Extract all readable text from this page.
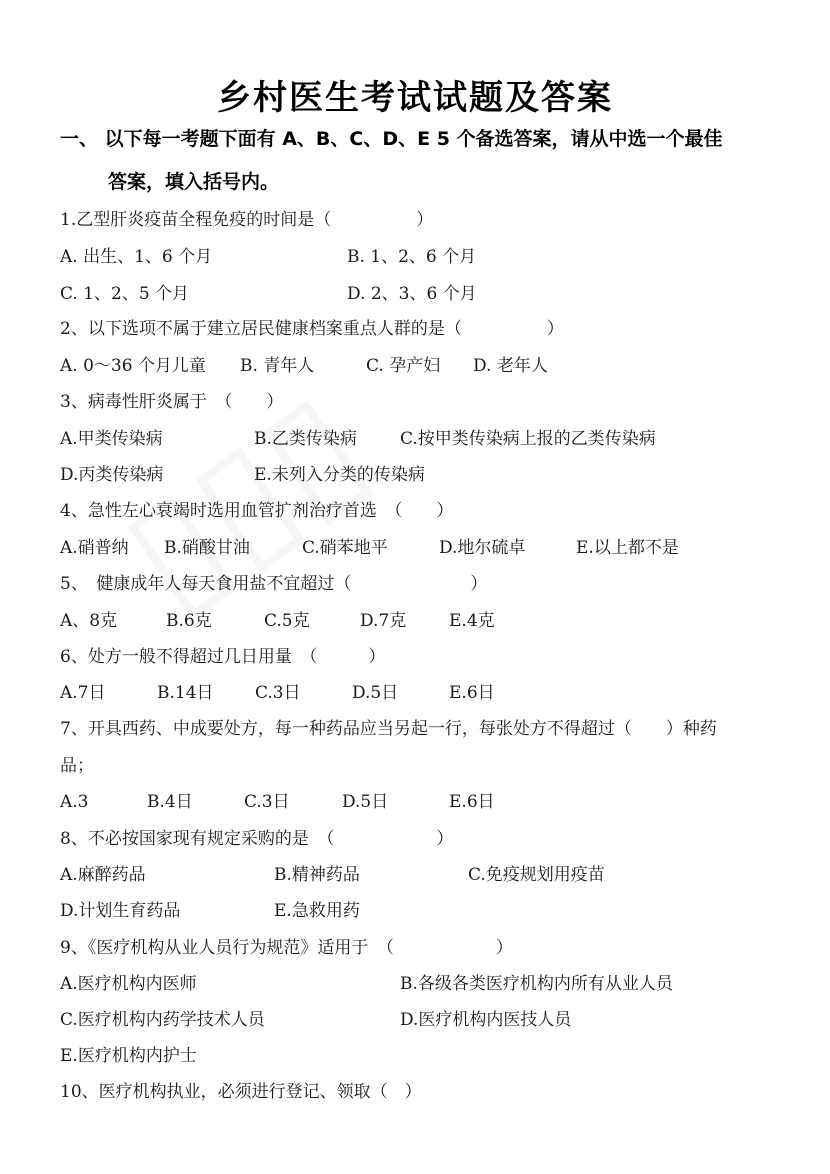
乡村医生考试试题及答案
一、 以下每一考题下面有 A、B、C、D、E 5 个备选答案，请从中选一个最佳
答案，填入括号内。
1.乙型肝炎疫苗全程免疫的时间是（　　　　　）
A. 出生、1、6 个月	B. 1、2、6 个月
C. 1、2、5 个月	D. 2、3、6 个月
2、以下选项不属于建立居民健康档案重点人群的是（　　　　　）
A. 0～36 个月儿童 B. 青年人	C. 孕产妇 D. 老年人
3、病毒性肝炎属于　（　　）
A.甲类传染病	B.乙类传染病	C.按甲类传染病上报的乙类传染病
D.丙类传染病	E.未列入分类的传染病
4、急性左心衰竭时选用血管扩剂治疗首选　（　　）
A.硝普纳 B.硝酸甘油	C.硝苯地平	D.地尔硫卓	E.以上都不是
5、　健康成年人每天食用盐不宜超过（　　　　　　　）
A、8克	B.6克	C.5克	D.7克	E.4克
6、处方一般不得超过几日用量　（　　　）
A.7日	B.14日 C.3日	D.5日	E.6日
7、开具西药、中成要处方，每一种药品应当另起一行，每张处方不得超过（　　）种药
品；
A.3	B.4日	C.3日	D.5日	E.6日
8、不必按国家现有规定采购的是　（　　　　　　）
A.麻醉药品	B.精神药品	C.免疫规划用疫苗
D.计划生育药品	E.急救用药
9、《医疗机构从业人员行为规范》适用于　（　　　　　　）
A.医疗机构内医师	B.各级各类医疗机构内所有从业人员
C.医疗机构内药学技术人员	D.医疗机构内医技人员
E.医疗机构内护士
10、医疗机构执业，必须进行登记、领取（　）
